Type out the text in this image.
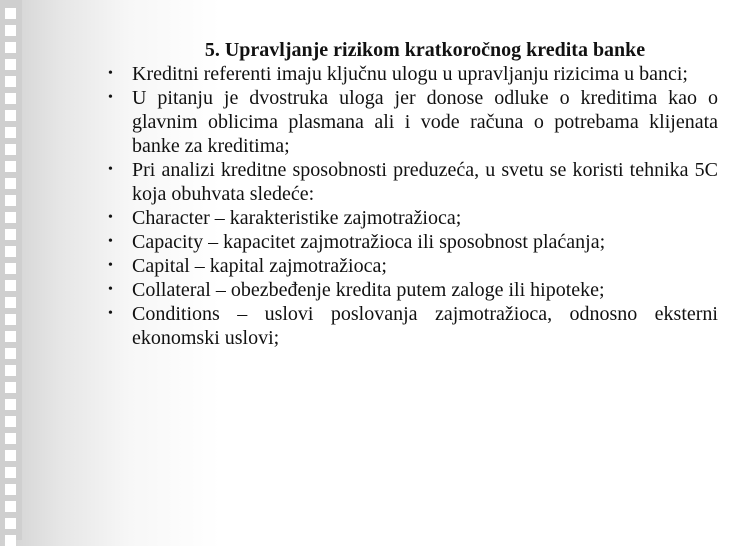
5. Upravljanje rizikom kratkoročnog kredita banke
• Kreditni referenti imaju ključnu ulogu u upravljanju rizicima u banci;
• U pitanju je dvostruka uloga jer donose odluke o kreditima kao o glavnim oblicima plasmana ali i vode računa o potrebama klijenata banke za kreditima;
• Pri analizi kreditne sposobnosti preduzeća, u svetu se koristi tehnika 5C koja obuhvata sledeće:
• Character – karakteristike zajmotražioca;
• Capacity – kapacitet zajmotražioca ili sposobnost plaćanja;
• Capital – kapital zajmotražioca;
• Collateral – obezbeđenje kredita putem zaloge ili hipoteke;
• Conditions – uslovi poslovanja zajmotražioca, odnosno eksterni ekonomski uslovi;
